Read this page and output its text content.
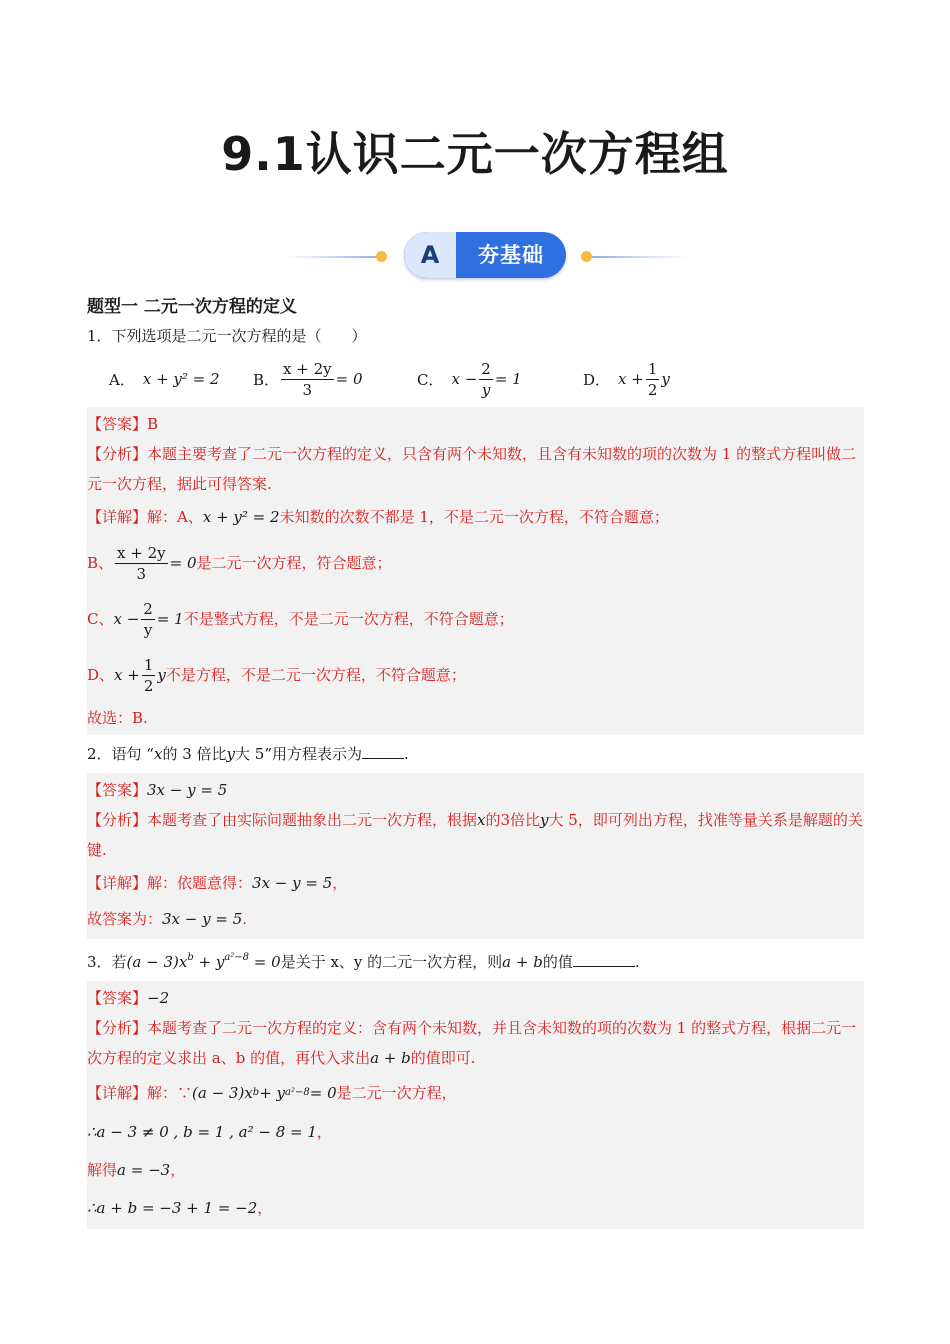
9.1认识二元一次方程组
A	夯基础
题型一 二元一次方程的定义
1．下列选项是二元一次方程的是（　　）
A． x + y² = 2 B． $\frac{x + 2y}{3} = 0$	C． $x - \frac{2}{y} = 1$	D． $x + \frac{1}{2}$ y
【答案】 B
【分析】本题主要考查了二元一次方程的定义，只含有两个未知数，且含有未知数的项的次数为 1 的整式方程叫做二元一次方程，据此可得答案.
【详解】 解：A、 x + y² = 2 未知数的次数不都是 1，不是二元一次方程，不符合题意；
B、 $\frac{x + 2y}{3} = 0$ 是二元一次方程，符合题意；
C、 $x - \frac{2}{y} = 1$ 不是整式方程，不是二元一次方程，不符合题意；
D、 $x + \frac{1}{2}$ y 不是方程，不是二元一次方程，不符合题意；
故选：B.
2．语句 “x的 3 倍比y大 5”用方程表示为	.
【答案】 3x − y = 5
【分析】本题考查了由实际问题抽象出二元一次方程，根据x的3倍比y大 5，即可列出方程，找准等量关系是解题的关键.
【详解】 解：依题意得： 3x − y = 5 ，
故答案为： 3x − y = 5 .
3．若$(a - 3)x^b + y^{a^2-8} = 0$是关于 x、y 的二元一次方程，则a + b的值	.
【答案】 −2
【分析】本题考查了二元一次方程的定义：含有两个未知数，并且含未知数的项的次数为 1 的整式方程，根据二元一次方程的定义求出 a、b 的值，再代入求出a + b的值即可.
【详解】 解：∵ (a − 3)x b + y a²−8 = 0 是二元一次方程，
∴a − 3 ≠ 0 , b = 1 , a² − 8 = 1 ，
解得 a = −3 ，
∴a + b = −3 + 1 = −2 ，
